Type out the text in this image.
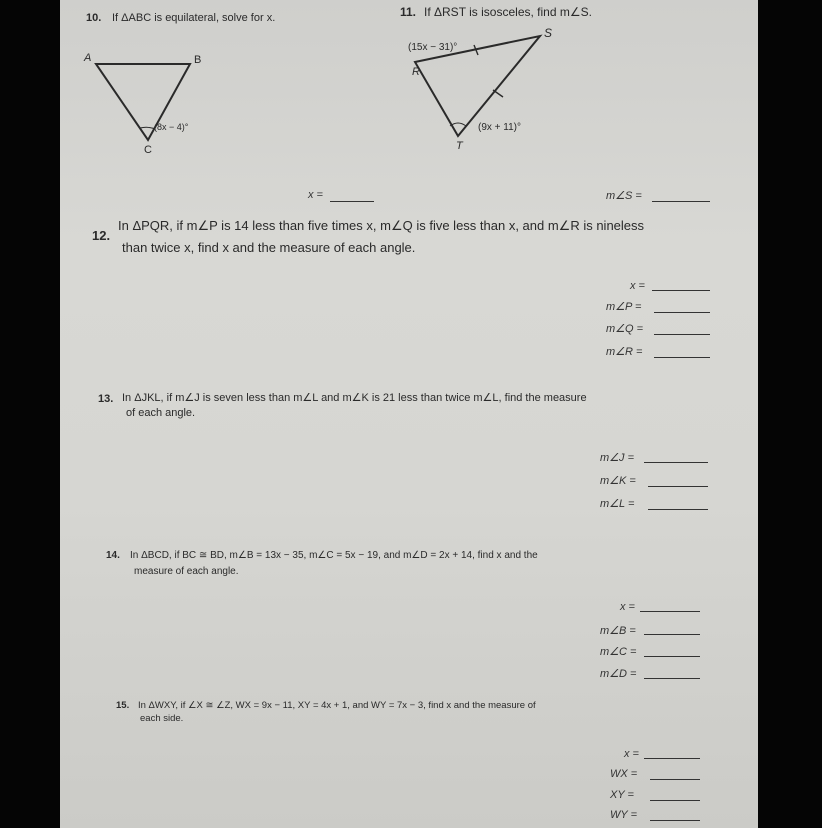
10. If ΔABC is equilateral, solve for x.
A	B
C
(8x − 4)°
11. If ΔRST is isosceles, find m∠S.
S
(15x − 31)°
R
(9x + 11)°
T
x =	m∠S =
12.
In ΔPQR, if m∠P is 14 less than five times x, m∠Q is five less than x, and m∠R is nineless
than twice x, find x and the measure of each angle.
x =
m∠P =
m∠Q =
m∠R =
13. In ΔJKL, if m∠J is seven less than m∠L and m∠K is 21 less than twice m∠L, find the measure
of each angle.
m∠J =
m∠K =
m∠L =
14. In ΔBCD, if BC ≅ BD, m∠B = 13x − 35, m∠C = 5x − 19, and m∠D = 2x + 14, find x and the
measure of each angle.
x =
m∠B =
m∠C =
m∠D =
15. In ΔWXY, if ∠X ≅ ∠Z, WX = 9x − 11, XY = 4x + 1, and WY = 7x − 3, find x and the measure of
each side.
x =
WX =
XY =
WY =
